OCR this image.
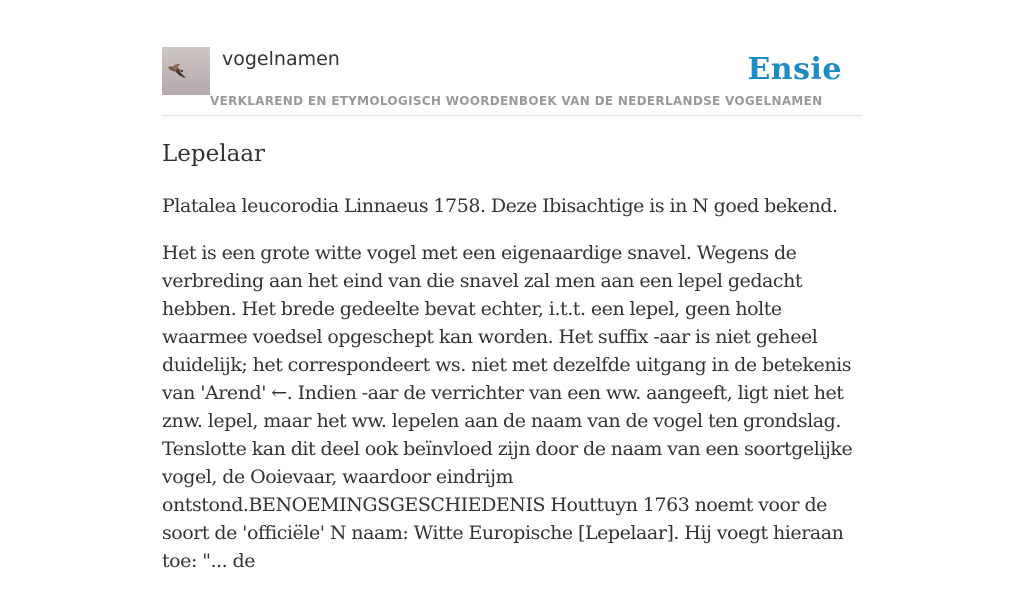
vogelnamen	Ensie
VERKLAREND EN ETYMOLOGISCH WOORDENBOEK VAN DE NEDERLANDSE VOGELNAMEN
Lepelaar

Platalea leucorodia Linnaeus 1758. Deze Ibisachtige is in N goed bekend.

Het is een grote witte vogel met een eigenaardige snavel. Wegens de verbreding aan het eind van die snavel zal men aan een lepel gedacht hebben. Het brede gedeelte bevat echter, i.t.t. een lepel, geen holte waarmee voedsel opgeschept kan worden. Het suffix -aar is niet geheel duidelijk; het correspondeert ws. niet met dezelfde uitgang in de betekenis van 'Arend' ←. Indien -aar de verrichter van een ww. aangeeft, ligt niet het znw. lepel, maar het ww. lepelen aan de naam van de vogel ten grondslag. Tenslotte kan dit deel ook beïnvloed zijn door de naam van een soortgelijke vogel, de Ooievaar, waardoor eindrijm ontstond.BENOEMINGSGESCHIEDENIS Houttuyn 1763 noemt voor de soort de 'officiële' N naam: Witte Europische [Lepelaar]. Hij voegt hieraan toe: "... de
